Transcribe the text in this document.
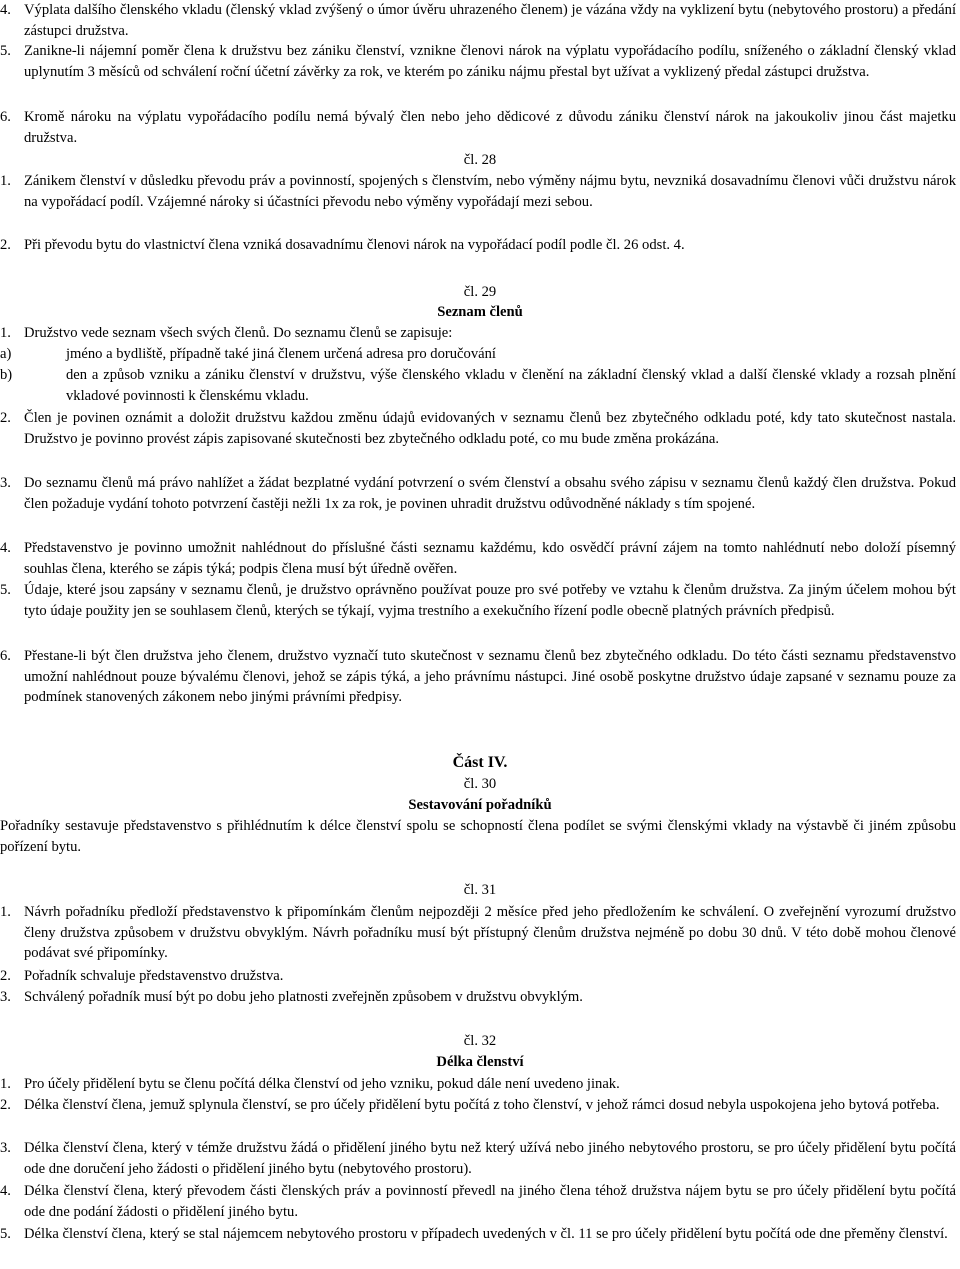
4. Výplata dalšího členského vkladu (členský vklad zvýšený o úmor úvěru uhrazeného členem) je vázána vždy na vyklizení bytu (nebytového prostoru) a předání zástupci družstva.

5. Zanikne-li nájemní poměr člena k družstvu bez zániku členství, vznikne členovi nárok na výplatu vypořádacího podílu, sníženého o základní členský vklad uplynutím 3 měsíců od schválení roční účetní závěrky za rok, ve kterém po zániku nájmu přestal byt užívat a vyklizený předal zástupci družstva.

6. Kromě nároku na výplatu vypořádacího podílu nemá bývalý člen nebo jeho dědicové z důvodu zániku členství nárok na jakoukoliv jinou část majetku družstva.

čl. 28

1. Zánikem členství v důsledku převodu práv a povinností, spojených s členstvím, nebo výměny nájmu bytu, nevzniká dosavadnímu členovi vůči družstvu nárok na vypořádací podíl. Vzájemné nároky si účastníci převodu nebo výměny vypořádají mezi sebou.

2. Při převodu bytu do vlastnictví člena vzniká dosavadnímu členovi nárok na vypořádací podíl podle čl. 26 odst. 4.

čl. 29

Seznam členů

1. Družstvo vede seznam všech svých členů. Do seznamu členů se zapisuje:

a)	jméno a bydliště, případně také jiná členem určená adresa pro doručování

b)	den a způsob vzniku a zániku členství v družstvu, výše členského vkladu v členění na základní členský vklad a další členské vklady a rozsah plnění vkladové povinnosti k členskému vkladu.

2. Člen je povinen oznámit a doložit družstvu každou změnu údajů evidovaných v seznamu členů bez zbytečného odkladu poté, kdy tato skutečnost nastala. Družstvo je povinno provést zápis zapisované skutečnosti bez zbytečného odkladu poté, co mu bude změna prokázána.

3. Do seznamu členů má právo nahlížet a žádat bezplatné vydání potvrzení o svém členství a obsahu svého zápisu v seznamu členů každý člen družstva. Pokud člen požaduje vydání tohoto potvrzení častěji nežli 1x za rok, je povinen uhradit družstvu odůvodněné náklady s tím spojené.

4. Představenstvo je povinno umožnit nahlédnout do příslušné části seznamu každému, kdo osvědčí právní zájem na tomto nahlédnutí nebo doloží písemný souhlas člena, kterého se zápis týká; podpis člena musí být úředně ověřen.

5. Údaje, které jsou zapsány v seznamu členů, je družstvo oprávněno používat pouze pro své potřeby ve vztahu k členům družstva. Za jiným účelem mohou být tyto údaje použity jen se souhlasem členů, kterých se týkají, vyjma trestního a exekučního řízení podle obecně platných právních předpisů.

6. Přestane-li být člen družstva jeho členem, družstvo vyznačí tuto skutečnost v seznamu členů bez zbytečného odkladu. Do této části seznamu představenstvo umožní nahlédnout pouze bývalému členovi, jehož se zápis týká, a jeho právnímu nástupci. Jiné osobě poskytne družstvo údaje zapsané v seznamu pouze za podmínek stanovených zákonem nebo jinými právními předpisy.

Část IV.

čl. 30

Sestavování pořadníků

Pořadníky sestavuje představenstvo s přihlédnutím k délce členství spolu se schopností člena podílet se svými členskými vklady na výstavbě či jiném způsobu pořízení bytu.

čl. 31

1. Návrh pořadníku předloží představenstvo k připomínkám členům nejpozději 2 měsíce před jeho předložením ke schválení. O zveřejnění vyrozumí družstvo členy družstva způsobem v družstvu obvyklým. Návrh pořadníku musí být přístupný členům družstva nejméně po dobu 30 dnů. V této době mohou členové podávat své připomínky.

2. Pořadník schvaluje představenstvo družstva.

3. Schválený pořadník musí být po dobu jeho platnosti zveřejněn způsobem v družstvu obvyklým.

čl. 32

Délka členství

1. Pro účely přidělení bytu se členu počítá délka členství od jeho vzniku, pokud dále není uvedeno jinak.

2. Délka členství člena, jemuž splynula členství, se pro účely přidělení bytu počítá z toho členství, v jehož rámci dosud nebyla uspokojena jeho bytová potřeba.

3. Délka členství člena, který v témže družstvu žádá o přidělení jiného bytu než který užívá nebo jiného nebytového prostoru, se pro účely přidělení bytu počítá ode dne doručení jeho žádosti o přidělení jiného bytu (nebytového prostoru).

4. Délka členství člena, který převodem části členských práv a povinností převedl na jiného člena téhož družstva nájem bytu se pro účely přidělení bytu počítá ode dne podání žádosti o přidělení jiného bytu.

5. Délka členství člena, který se stal nájemcem nebytového prostoru v případech uvedených v čl. 11 se pro účely přidělení bytu počítá ode dne přeměny členství.
